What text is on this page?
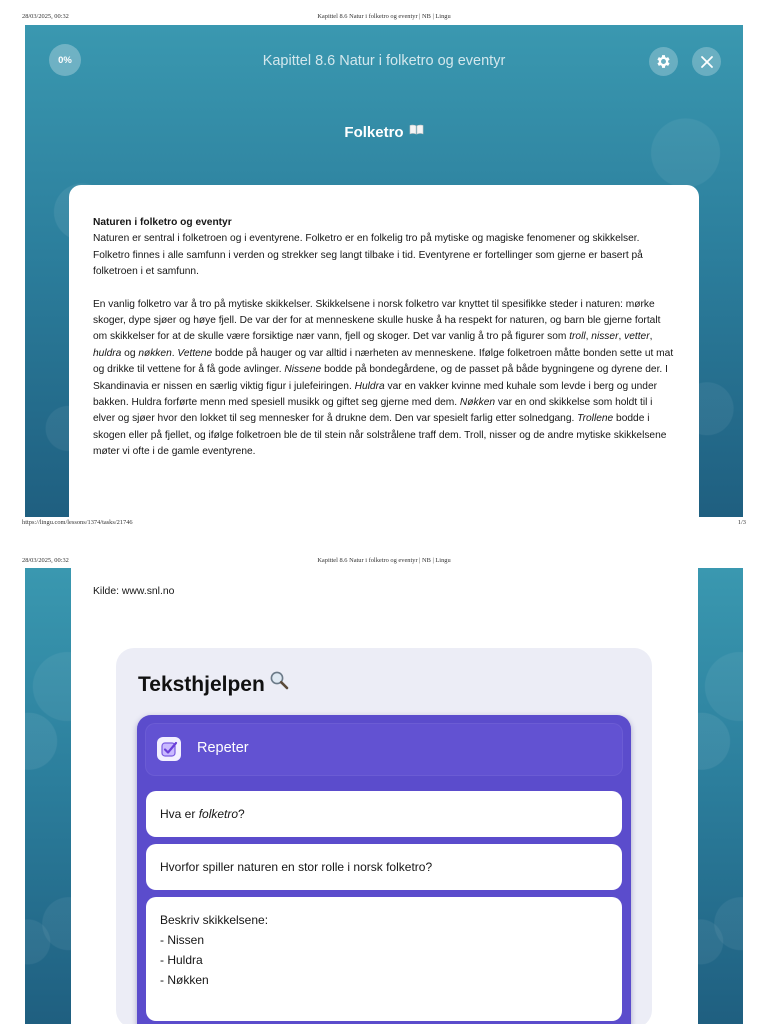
28/03/2025, 00:32	Kapittel 8.6 Natur i folketro og eventyr | NB | Lingu
0%	Kapittel 8.6 Natur i folketro og eventyr
Folketro
Naturen i folketro og eventyr

Naturen er sentral i folketroen og i eventyrene. Folketro er en folkelig tro på mytiske og magiske fenomener og skikkelser. Folketro finnes i alle samfunn i verden og strekker seg langt tilbake i tid. Eventyrene er fortellinger som gjerne er basert på folketroen i et samfunn.

En vanlig folketro var å tro på mytiske skikkelser. Skikkelsene i norsk folketro var knyttet til spesifikke steder i naturen: mørke skoger, dype sjøer og høye fjell. De var der for at menneskene skulle huske å ha respekt for naturen, og barn ble gjerne fortalt om skikkelser for at de skulle være forsiktige nær vann, fjell og skoger. Det var vanlig å tro på figurer som troll, nisser, vetter, huldra og nøkken. Vettene bodde på hauger og var alltid i nærheten av menneskene. Ifølge folketroen måtte bonden sette ut mat og drikke til vettene for å få gode avlinger. Nissene bodde på bondegårdene, og de passet på både bygningene og dyrene der. I Skandinavia er nissen en særlig viktig figur i julefeiringen. Huldra var en vakker kvinne med kuhale som levde i berg og under bakken. Huldra forførte menn med spesiell musikk og giftet seg gjerne med dem. Nøkken var en ond skikkelse som holdt til i elver og sjøer hvor den lokket til seg mennesker for å drukne dem. Den var spesielt farlig etter solnedgang. Trollene bodde i skogen eller på fjellet, og ifølge folketroen ble de til stein når solstrålene traff dem. Troll, nisser og de andre mytiske skikkelsene møter vi ofte i de gamle eventyrene.

https://lingu.com/lessons/1374/tasks/21746	1/3
28/03/2025, 00:32	Kapittel 8.6 Natur i folketro og eventyr | NB | Lingu
Kilde: www.snl.no
Teksthjelpen
Repeter
Hva er folketro?
Hvorfor spiller naturen en stor rolle i norsk folketro?
Beskriv skikkelsene:
- Nissen
- Huldra
- Nøkken
